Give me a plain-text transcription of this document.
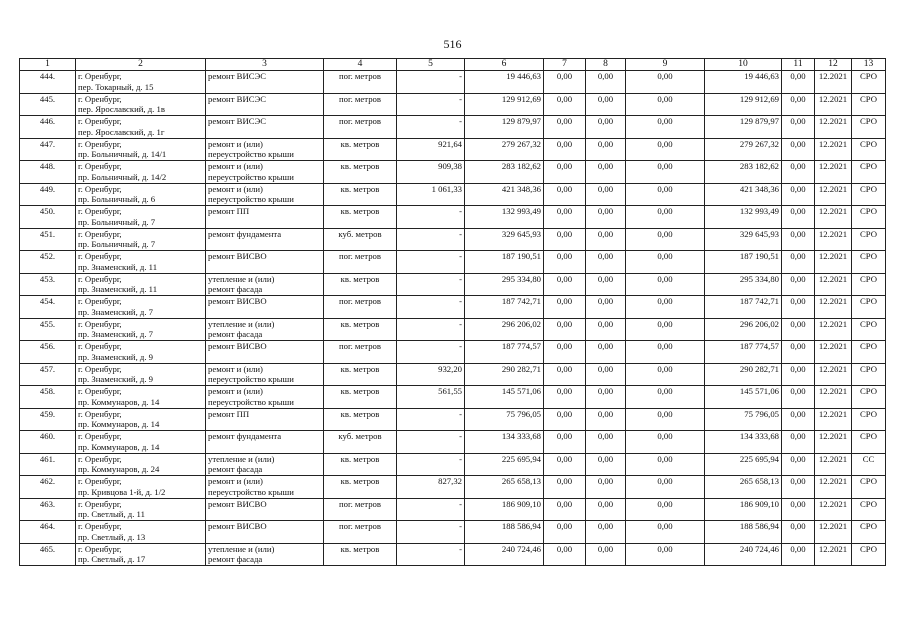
516
1	2	3	4	5	6	7	8	9	10	11	12	13
444.	г. Оренбург,
пер. Токарный, д. 15	ремонт ВИСЭС	пог. метров	-	19 446,63	0,00	0,00	0,00	19 446,63	0,00	12.2021	СРО
445.	г. Оренбург,
пер. Ярославский, д. 1в	ремонт ВИСЭС	пог. метров	-	129 912,69	0,00	0,00	0,00	129 912,69	0,00	12.2021	СРО
446.	г. Оренбург,
пер. Ярославский, д. 1г	ремонт ВИСЭС	пог. метров	-	129 879,97	0,00	0,00	0,00	129 879,97	0,00	12.2021	СРО
447.	г. Оренбург,
пр. Больничный, д. 14/1	ремонт и (или)
переустройство крыши	кв. метров	921,64	279 267,32	0,00	0,00	0,00	279 267,32	0,00	12.2021	СРО
448.	г. Оренбург,
пр. Больничный, д. 14/2	ремонт и (или)
переустройство крыши	кв. метров	909,38	283 182,62	0,00	0,00	0,00	283 182,62	0,00	12.2021	СРО
449.	г. Оренбург,
пр. Больничный, д. 6	ремонт и (или)
переустройство крыши	кв. метров	1 061,33	421 348,36	0,00	0,00	0,00	421 348,36	0,00	12.2021	СРО
450.	г. Оренбург,
пр. Больничный, д. 7	ремонт ПП	кв. метров	-	132 993,49	0,00	0,00	0,00	132 993,49	0,00	12.2021	СРО
451.	г. Оренбург,
пр. Больничный, д. 7	ремонт фундамента	куб. метров	-	329 645,93	0,00	0,00	0,00	329 645,93	0,00	12.2021	СРО
452.	г. Оренбург,
пр. Знаменский, д. 11	ремонт ВИСВО	пог. метров	-	187 190,51	0,00	0,00	0,00	187 190,51	0,00	12.2021	СРО
453.	г. Оренбург,
пр. Знаменский, д. 11	утепление и (или)
ремонт фасада	кв. метров	-	295 334,80	0,00	0,00	0,00	295 334,80	0,00	12.2021	СРО
454.	г. Оренбург,
пр. Знаменский, д. 7	ремонт ВИСВО	пог. метров	-	187 742,71	0,00	0,00	0,00	187 742,71	0,00	12.2021	СРО
455.	г. Оренбург,
пр. Знаменский, д. 7	утепление и (или)
ремонт фасада	кв. метров	-	296 206,02	0,00	0,00	0,00	296 206,02	0,00	12.2021	СРО
456.	г. Оренбург,
пр. Знаменский, д. 9	ремонт ВИСВО	пог. метров	-	187 774,57	0,00	0,00	0,00	187 774,57	0,00	12.2021	СРО
457.	г. Оренбург,
пр. Знаменский, д. 9	ремонт и (или)
переустройство крыши	кв. метров	932,20	290 282,71	0,00	0,00	0,00	290 282,71	0,00	12.2021	СРО
458.	г. Оренбург,
пр. Коммунаров, д. 14	ремонт и (или)
переустройство крыши	кв. метров	561,55	145 571,06	0,00	0,00	0,00	145 571,06	0,00	12.2021	СРО
459.	г. Оренбург,
пр. Коммунаров, д. 14	ремонт ПП	кв. метров	-	75 796,05	0,00	0,00	0,00	75 796,05	0,00	12.2021	СРО
460.	г. Оренбург,
пр. Коммунаров, д. 14	ремонт фундамента	куб. метров	-	134 333,68	0,00	0,00	0,00	134 333,68	0,00	12.2021	СРО
461.	г. Оренбург,
пр. Коммунаров, д. 24	утепление и (или)
ремонт фасада	кв. метров	-	225 695,94	0,00	0,00	0,00	225 695,94	0,00	12.2021	СС
462.	г. Оренбург,
пр. Кривцова 1-й, д. 1/2	ремонт и (или)
переустройство крыши	кв. метров	827,32	265 658,13	0,00	0,00	0,00	265 658,13	0,00	12.2021	СРО
463.	г. Оренбург,
пр. Светлый, д. 11	ремонт ВИСВО	пог. метров	-	186 909,10	0,00	0,00	0,00	186 909,10	0,00	12.2021	СРО
464.	г. Оренбург,
пр. Светлый, д. 13	ремонт ВИСВО	пог. метров	-	188 586,94	0,00	0,00	0,00	188 586,94	0,00	12.2021	СРО
465.	г. Оренбург,
пр. Светлый, д. 17	утепление и (или)
ремонт фасада	кв. метров	-	240 724,46	0,00	0,00	0,00	240 724,46	0,00	12.2021	СРО
